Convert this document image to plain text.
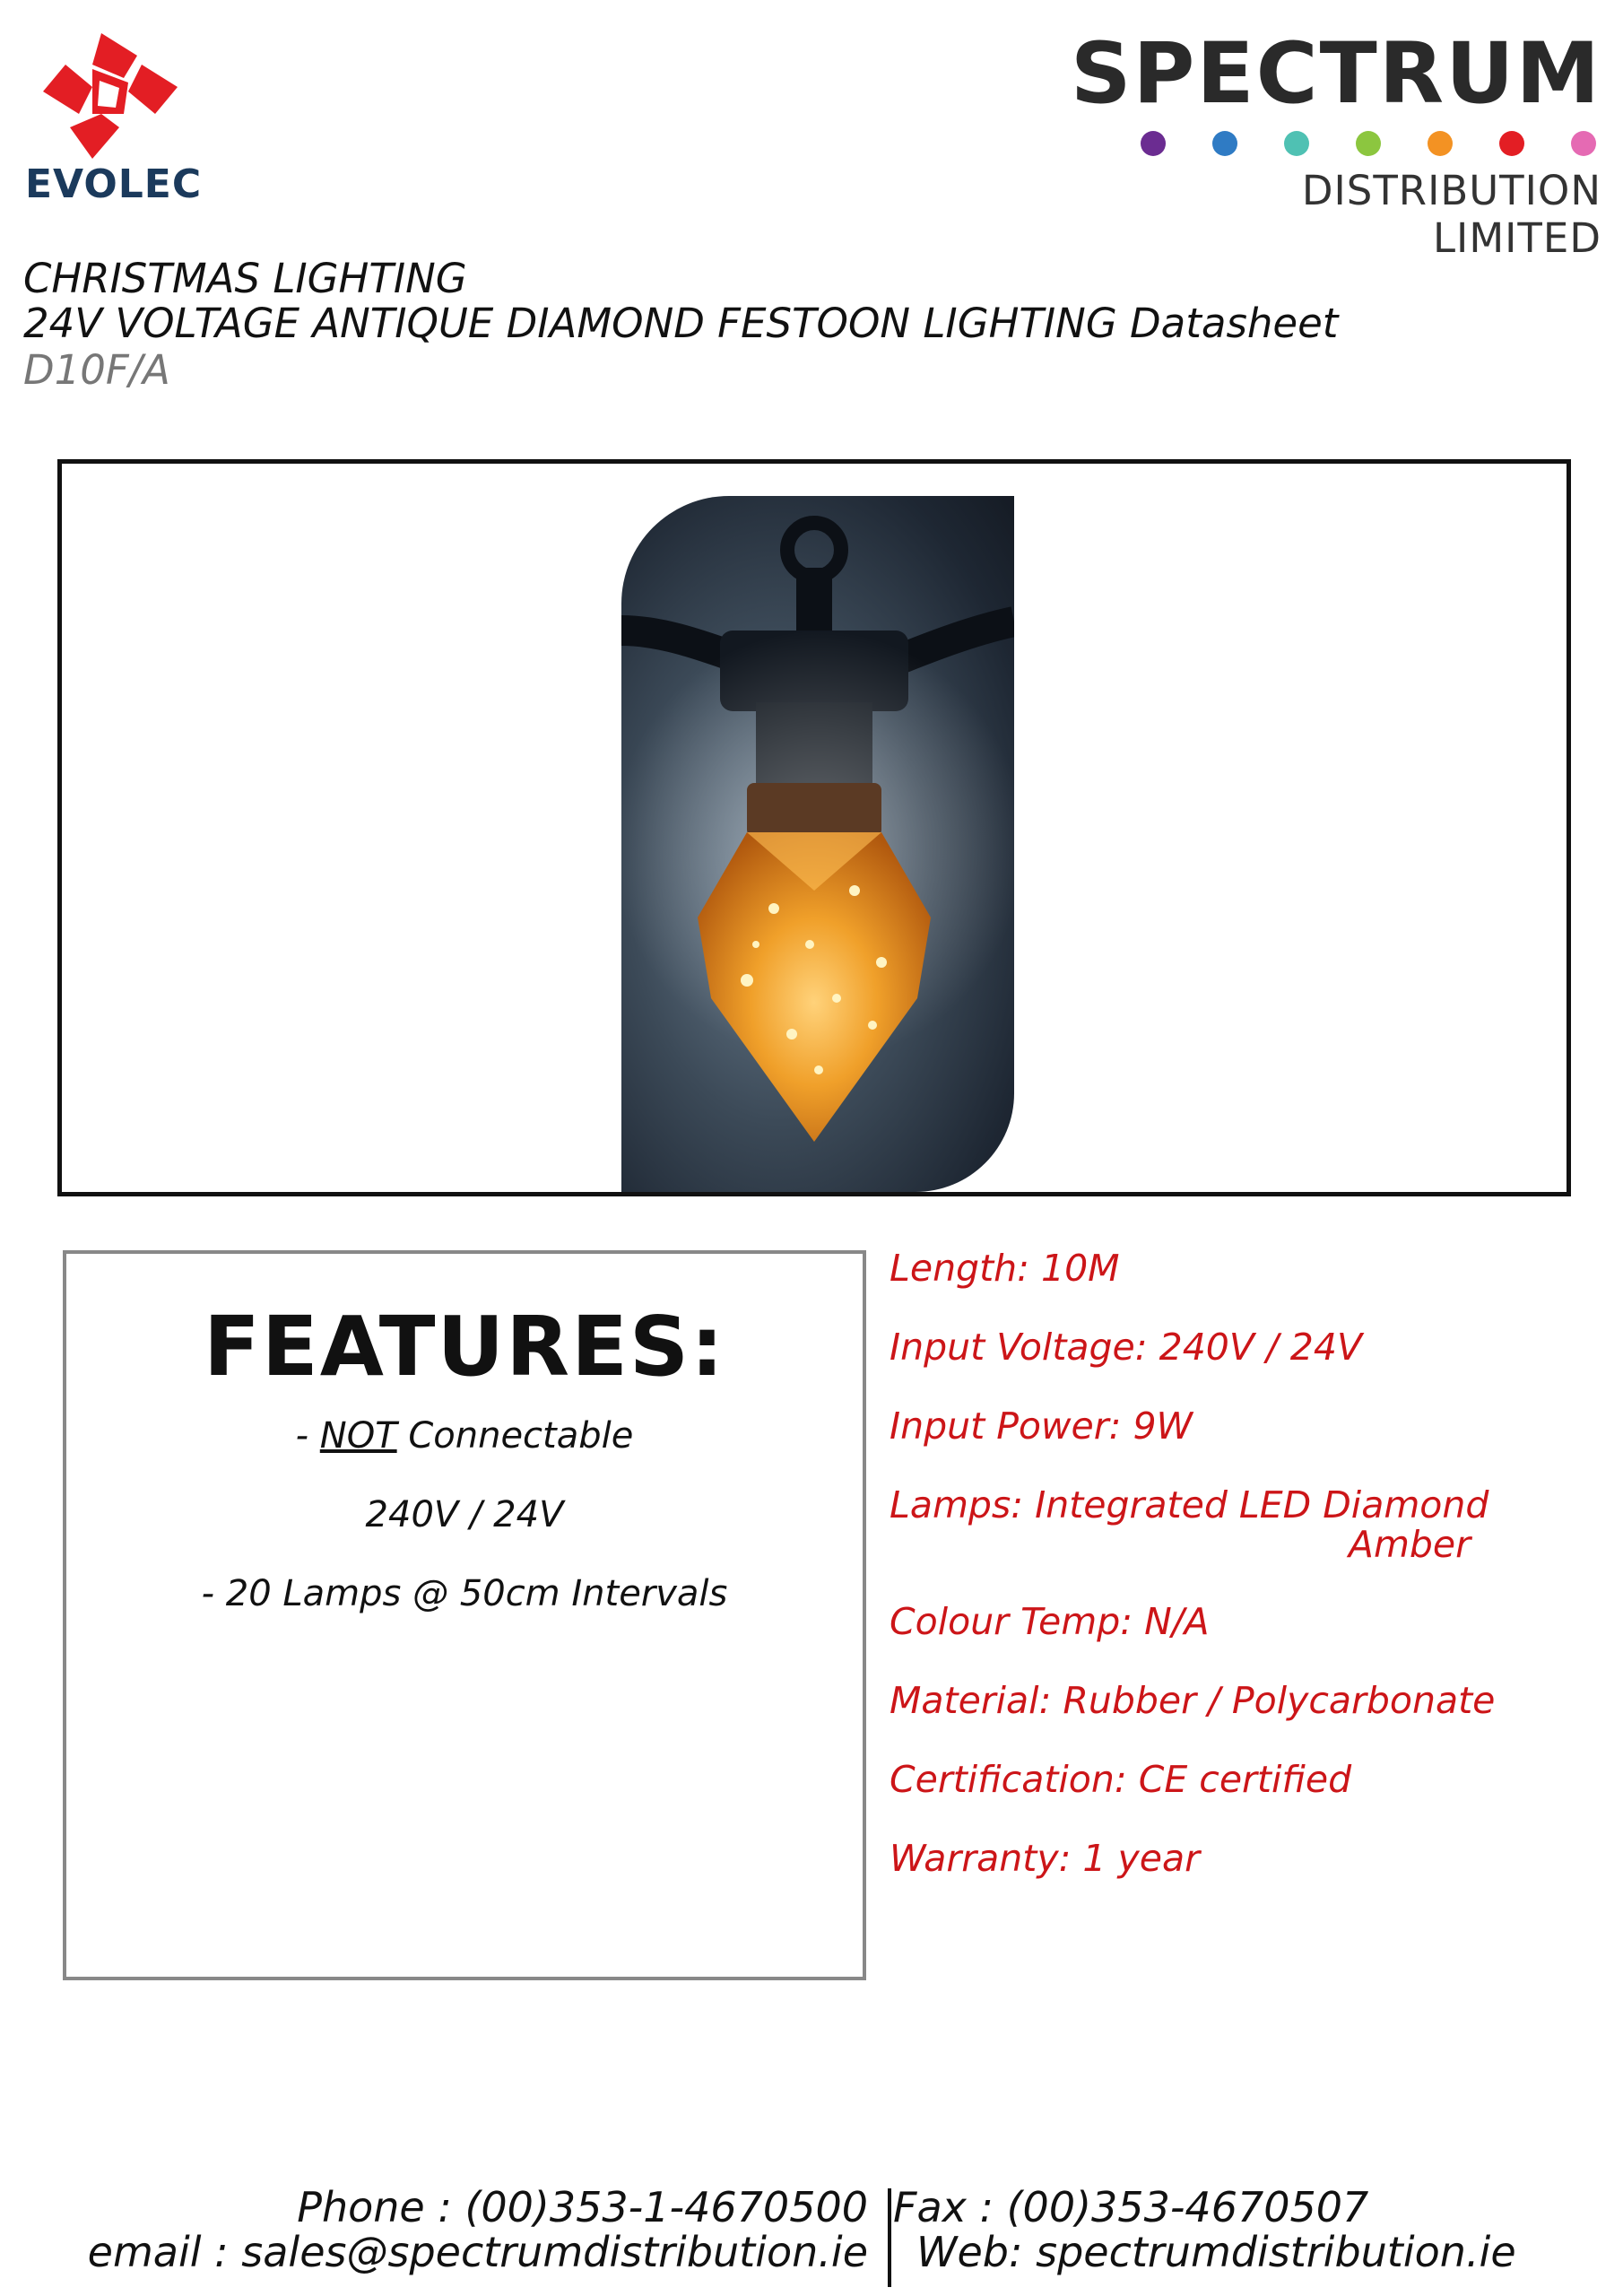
EVOLEC
SPECTRUM
DISTRIBUTION LIMITED
CHRISTMAS LIGHTING
24V VOLTAGE ANTIQUE DIAMOND FESTOON LIGHTING Datasheet
D10F/A
FEATURES:
- NOT Connectable
240V / 24V
- 20 Lamps @ 50cm Intervals
Length: 10M
Input Voltage: 240V / 24V
Input Power: 9W
Lamps: Integrated LED Diamond
Amber
Colour Temp: N/A
Material: Rubber / Polycarbonate
Certification: CE certified
Warranty: 1 year
Phone : (00)353-1-4670500 Fax : (00)353-4670507
email : sales@spectrumdistribution.ie Web: spectrumdistribution.ie
